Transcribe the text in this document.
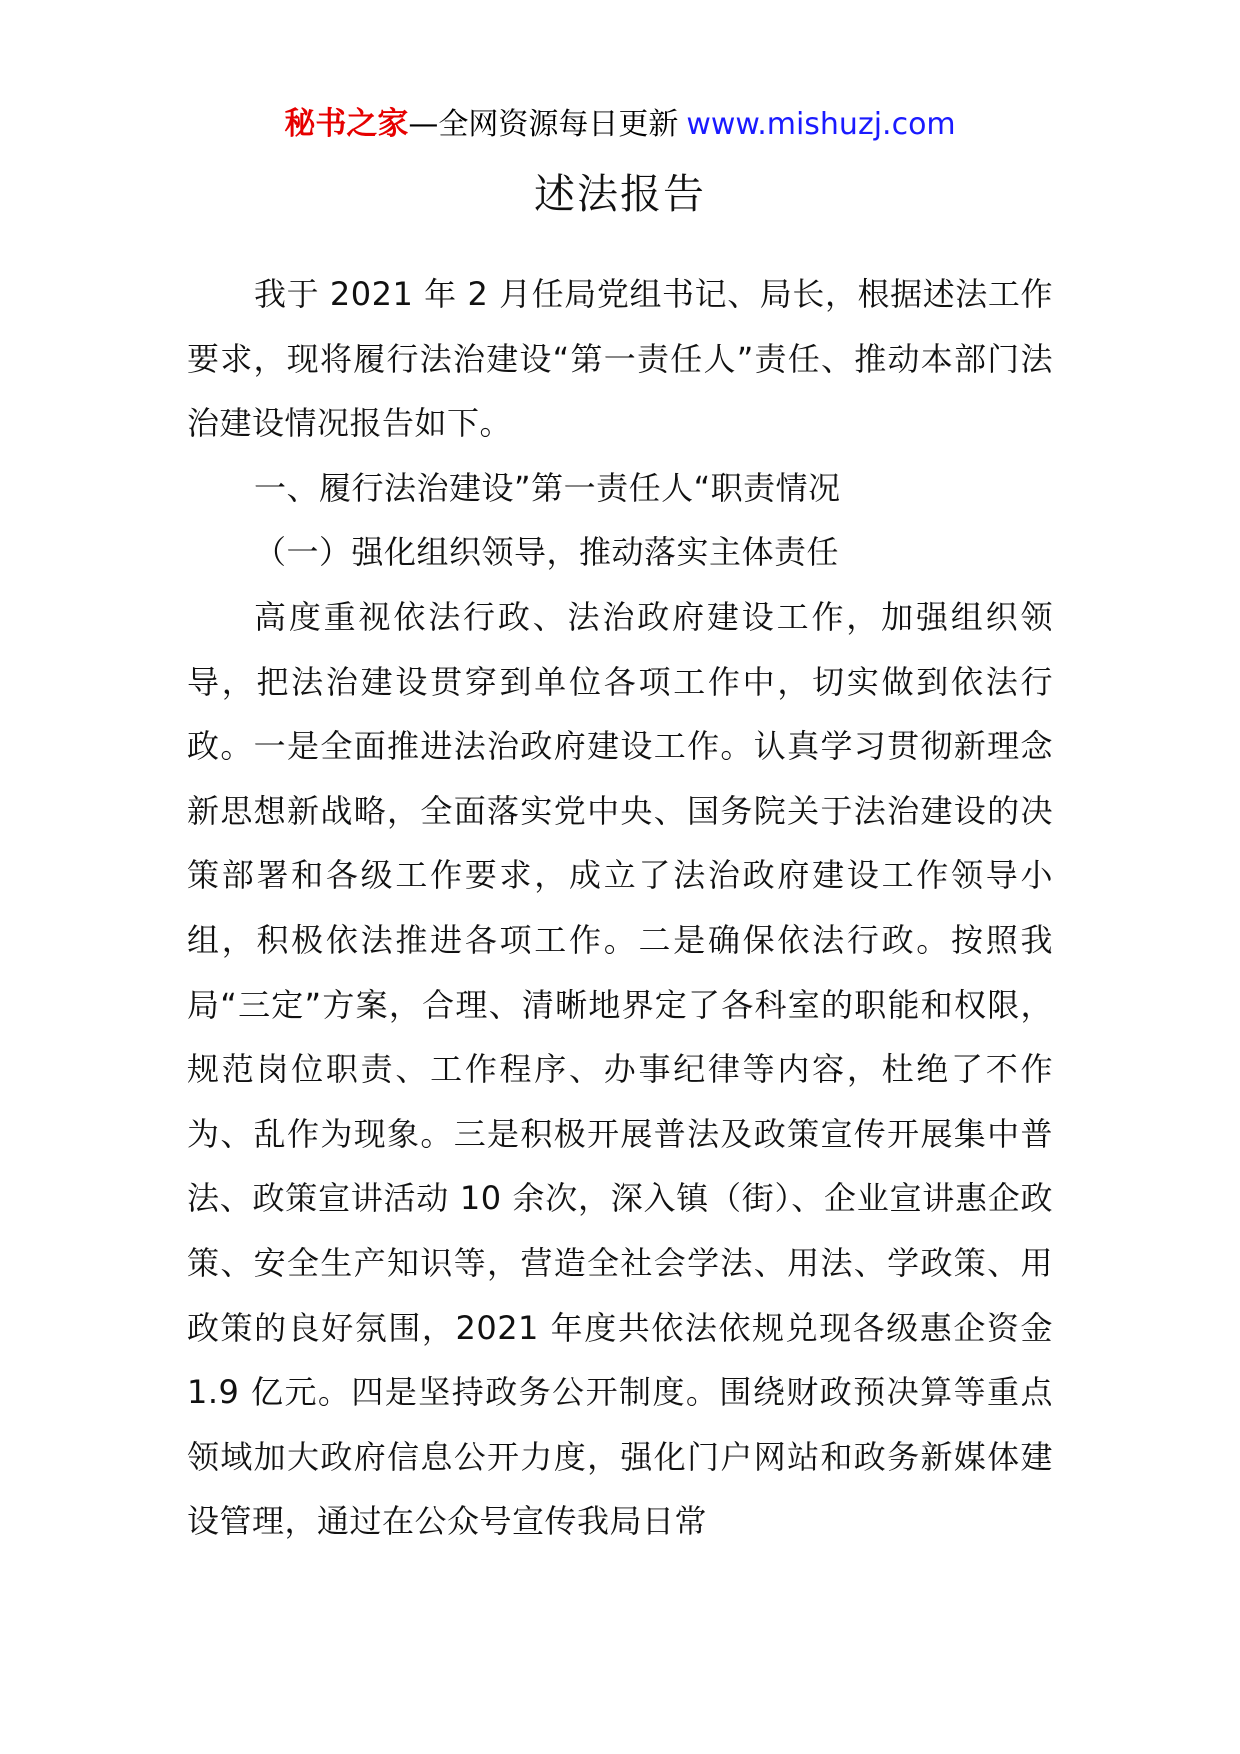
秘书之家—全网资源每日更新 www.mishuzj.com
述法报告

我于 2021 年 2 月任局党组书记、局长，根据述法工作要求，现将履行法治建设“第一责任人”责任、推动本部门法治建设情况报告如下。

一、履行法治建设”第一责任人“职责情况

（一）强化组织领导，推动落实主体责任

高度重视依法行政、法治政府建设工作，加强组织领导，把法治建设贯穿到单位各项工作中，切实做到依法行政。一是全面推进法治政府建设工作。认真学习贯彻新理念新思想新战略，全面落实党中央、国务院关于法治建设的决策部署和各级工作要求，成立了法治政府建设工作领导小组，积极依法推进各项工作。二是确保依法行政。按照我局“三定”方案，合理、清晰地界定了各科室的职能和权限，规范岗位职责、工作程序、办事纪律等内容，杜绝了不作为、乱作为现象。三是积极开展普法及政策宣传开展集中普法、政策宣讲活动 10 余次，深入镇（街）、企业宣讲惠企政策、安全生产知识等，营造全社会学法、用法、学政策、用政策的良好氛围，2021 年度共依法依规兑现各级惠企资金 1.9 亿元。四是坚持政务公开制度。围绕财政预决算等重点领域加大政府信息公开力度，强化门户网站和政务新媒体建设管理，通过在公众号宣传我局日常
